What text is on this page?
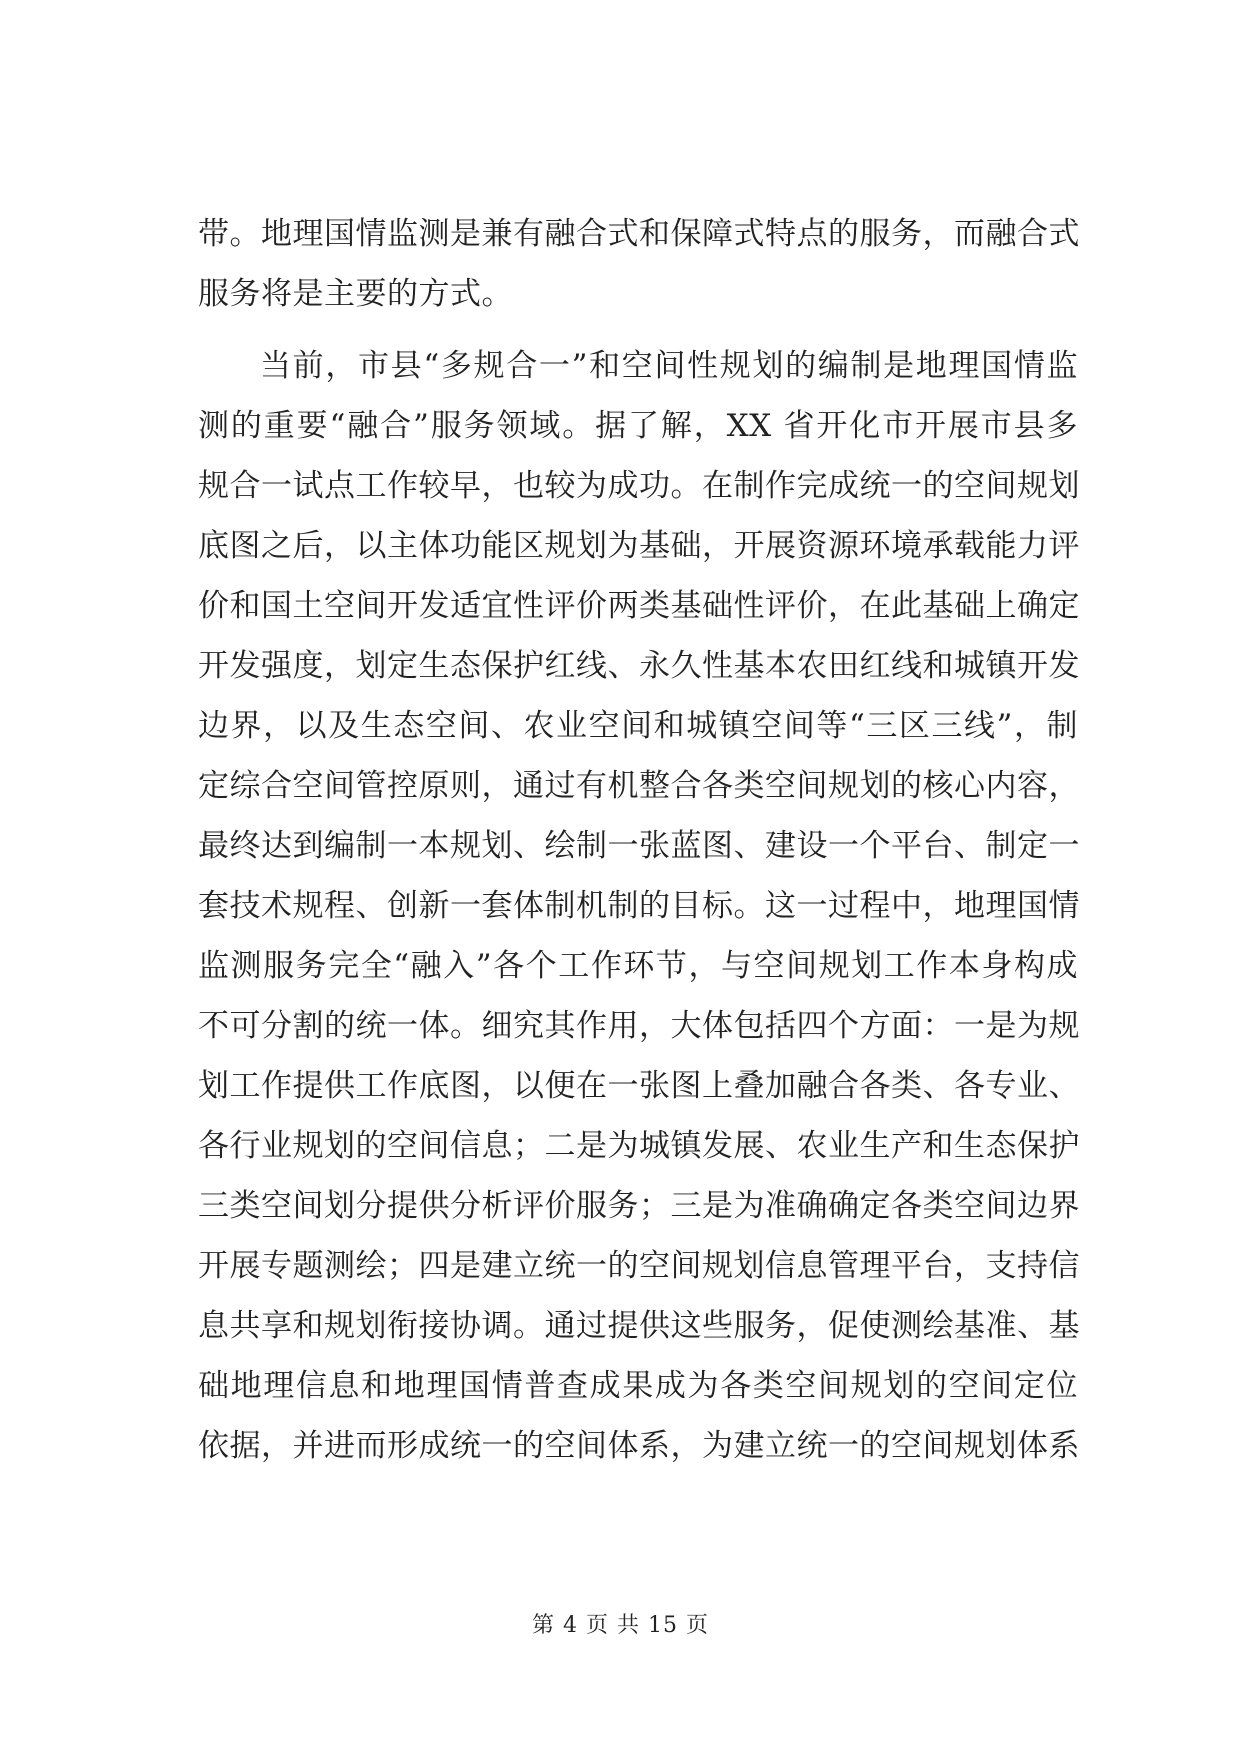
带。地理国情监测是兼有融合式和保障式特点的服务，而融合式
服务将是主要的方式。
当前，市县“多规合一”和空间性规划的编制是地理国情监
测的重要“融合”服务领域。据了解，XX 省开化市开展市县多
规合一试点工作较早，也较为成功。在制作完成统一的空间规划
底图之后，以主体功能区规划为基础，开展资源环境承载能力评
价和国土空间开发适宜性评价两类基础性评价，在此基础上确定
开发强度，划定生态保护红线、永久性基本农田红线和城镇开发
边界，以及生态空间、农业空间和城镇空间等“三区三线”，制
定综合空间管控原则，通过有机整合各类空间规划的核心内容，
最终达到编制一本规划、绘制一张蓝图、建设一个平台、制定一
套技术规程、创新一套体制机制的目标。这一过程中，地理国情
监测服务完全“融入”各个工作环节，与空间规划工作本身构成
不可分割的统一体。细究其作用，大体包括四个方面：一是为规
划工作提供工作底图，以便在一张图上叠加融合各类、各专业、
各行业规划的空间信息；二是为城镇发展、农业生产和生态保护
三类空间划分提供分析评价服务；三是为准确确定各类空间边界
开展专题测绘；四是建立统一的空间规划信息管理平台，支持信
息共享和规划衔接协调。通过提供这些服务，促使测绘基准、基
础地理信息和地理国情普查成果成为各类空间规划的空间定位
依据，并进而形成统一的空间体系，为建立统一的空间规划体系
第 4 页 共 15 页
